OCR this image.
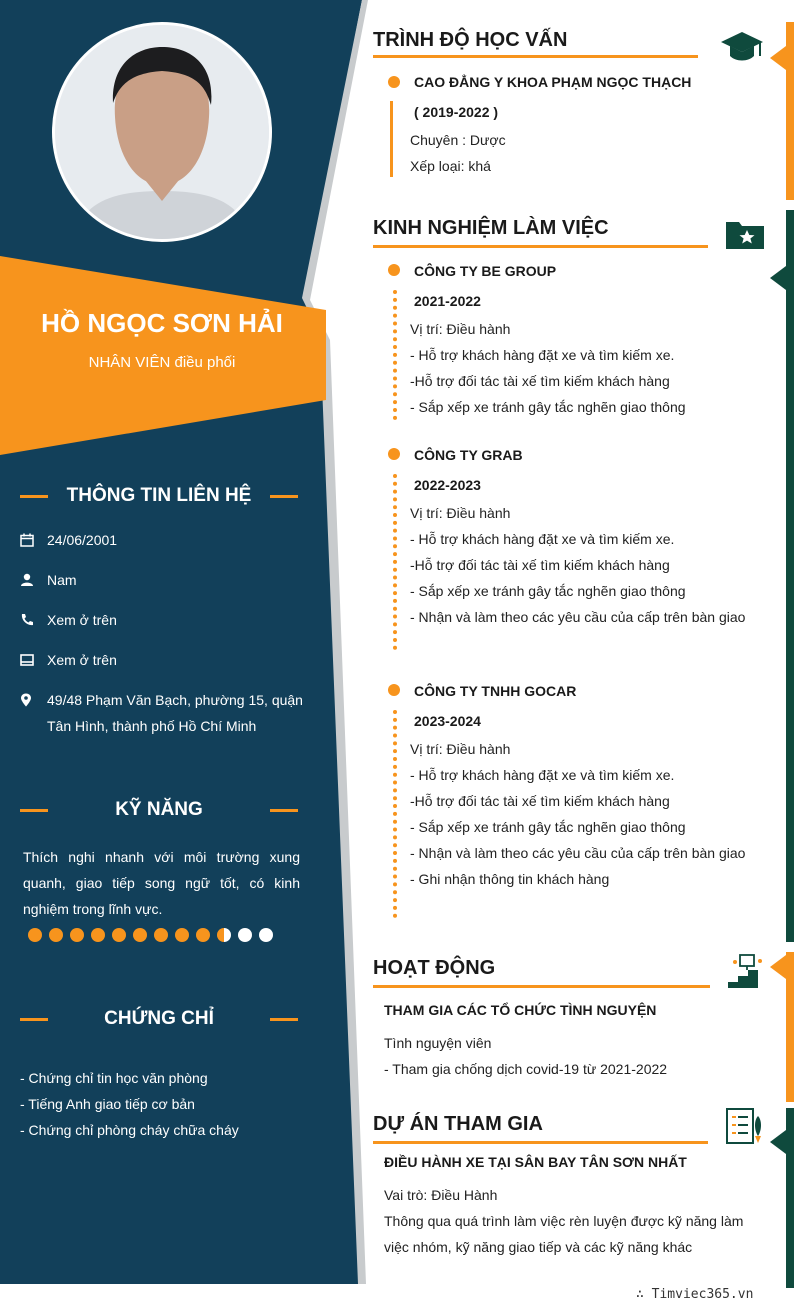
HỒ NGỌC SƠN HẢI
NHÂN VIÊN điều phối
THÔNG TIN LIÊN HỆ
24/06/2001
Nam
Xem ở trên
Xem ở trên
49/48 Phạm Văn Bạch, phường 15, quận
Tân Hình, thành phố Hồ Chí Minh
KỸ NĂNG
Thích nghi nhanh với môi trường xung quanh, giao tiếp song ngữ tốt, có kinh nghiệm trong lĩnh vực.
CHỨNG CHỈ
- Chứng chỉ tin học văn phòng
- Tiếng Anh giao tiếp cơ bản
- Chứng chỉ phòng cháy chữa cháy
TRÌNH ĐỘ HỌC VẤN
CAO ĐẲNG Y KHOA PHẠM NGỌC THẠCH
( 2019-2022 )
Chuyên : Dược
Xếp loại: khá
KINH NGHIỆM LÀM VIỆC
CÔNG TY BE GROUP
2021-2022
Vị trí: Điều hành
- Hỗ trợ khách hàng đặt xe và tìm kiếm xe.
-Hỗ trợ đối tác tài xế tìm kiếm khách hàng
- Sắp xếp xe tránh gây tắc nghẽn giao thông
CÔNG TY GRAB
2022-2023
Vị trí: Điều hành
- Hỗ trợ khách hàng đặt xe và tìm kiếm xe.
-Hỗ trợ đối tác tài xế tìm kiếm khách hàng
- Sắp xếp xe tránh gây tắc nghẽn giao thông
- Nhận và làm theo các yêu cầu của cấp trên bàn giao
CÔNG TY TNHH GOCAR
2023-2024
Vị trí: Điều hành
- Hỗ trợ khách hàng đặt xe và tìm kiếm xe.
-Hỗ trợ đối tác tài xế tìm kiếm khách hàng
- Sắp xếp xe tránh gây tắc nghẽn giao thông
- Nhận và làm theo các yêu cầu của cấp trên bàn giao
- Ghi nhận thông tin khách hàng
HOẠT ĐỘNG
THAM GIA CÁC TỔ CHỨC TÌNH NGUYỆN
Tình nguyện viên
- Tham gia chống dịch covid-19 từ 2021-2022
DỰ ÁN THAM GIA
ĐIỀU HÀNH XE TẠI SÂN BAY TÂN SƠN NHẤT
Vai trò: Điều Hành
Thông qua quá trình làm việc rèn luyện được kỹ năng làm
việc nhóm, kỹ năng giao tiếp và các kỹ năng khác
∴ Timviec365.vn
